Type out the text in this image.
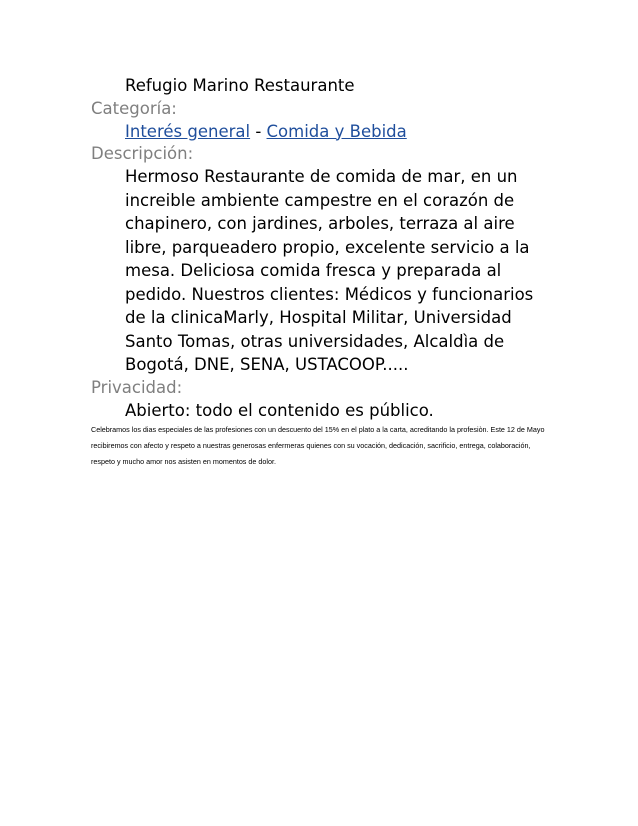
Refugio Marino Restaurante
Categoría:
Interés general - Comida y Bebida
Descripción:
Hermoso Restaurante de comida de mar, en un increible ambiente campestre en el corazón de chapinero, con jardines, arboles, terraza al aire libre, parqueadero propio, excelente servicio a la mesa. Deliciosa comida fresca y preparada al pedido. Nuestros clientes: Médicos y funcionarios de la clinicaMarly, Hospital Militar, Universidad Santo Tomas, otras universidades, Alcaldìa de Bogotá, DNE, SENA, USTACOOP.....
Privacidad:
Abierto: todo el contenido es público.
Celebramos los dias especiales de las profesiones con un descuento del 15% en el plato a la carta, acreditando la profesiòn. Este 12 de Mayo recibiremos con afecto y respeto a nuestras generosas enfermeras quienes con su vocación, dedicación, sacrificio, entrega, colaboración, respeto y mucho amor nos asisten en momentos de dolor.
